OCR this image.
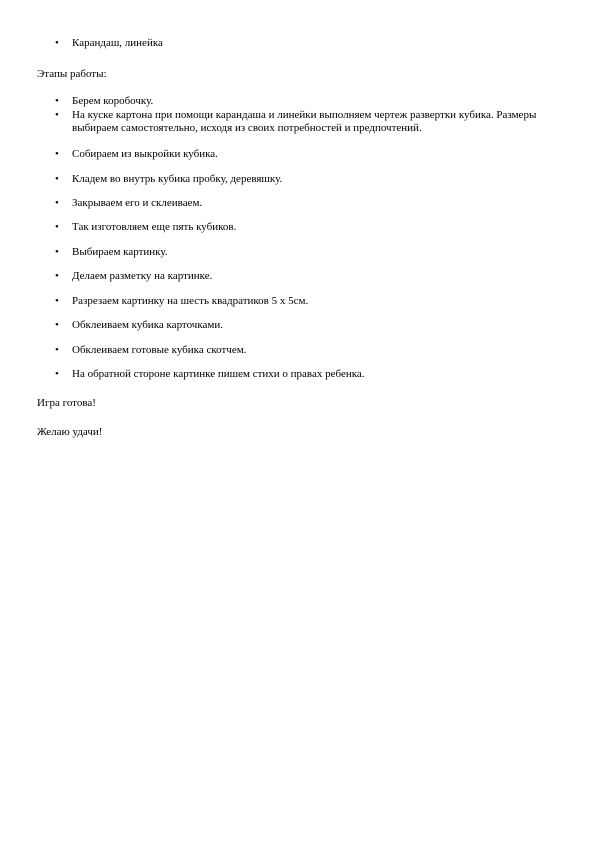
•	Карандаш, линейка
Этапы работы:
•	Берем коробочку.
•	На куске картона при помощи карандаша и линейки выполняем чертеж развертки кубика. Размеры выбираем самостоятельно, исходя из своих потребностей и предпочтений.
•	Собираем из выкройки кубика.
•	Кладем во внутрь кубика пробку, деревяшку.
•	Закрываем его и склеиваем.
•	Так изготовляем еще пять кубиков.
•	Выбираем картинку.
•	Делаем разметку на картинке.
•	Разрезаем картинку на шесть квадратиков 5 х 5см.
•	Обклеиваем кубика карточками.
•	Обклеиваем готовые кубика скотчем.
•	На обратной стороне картинке пишем стихи о правах ребенка.
Игра готова!
Желаю удачи!
